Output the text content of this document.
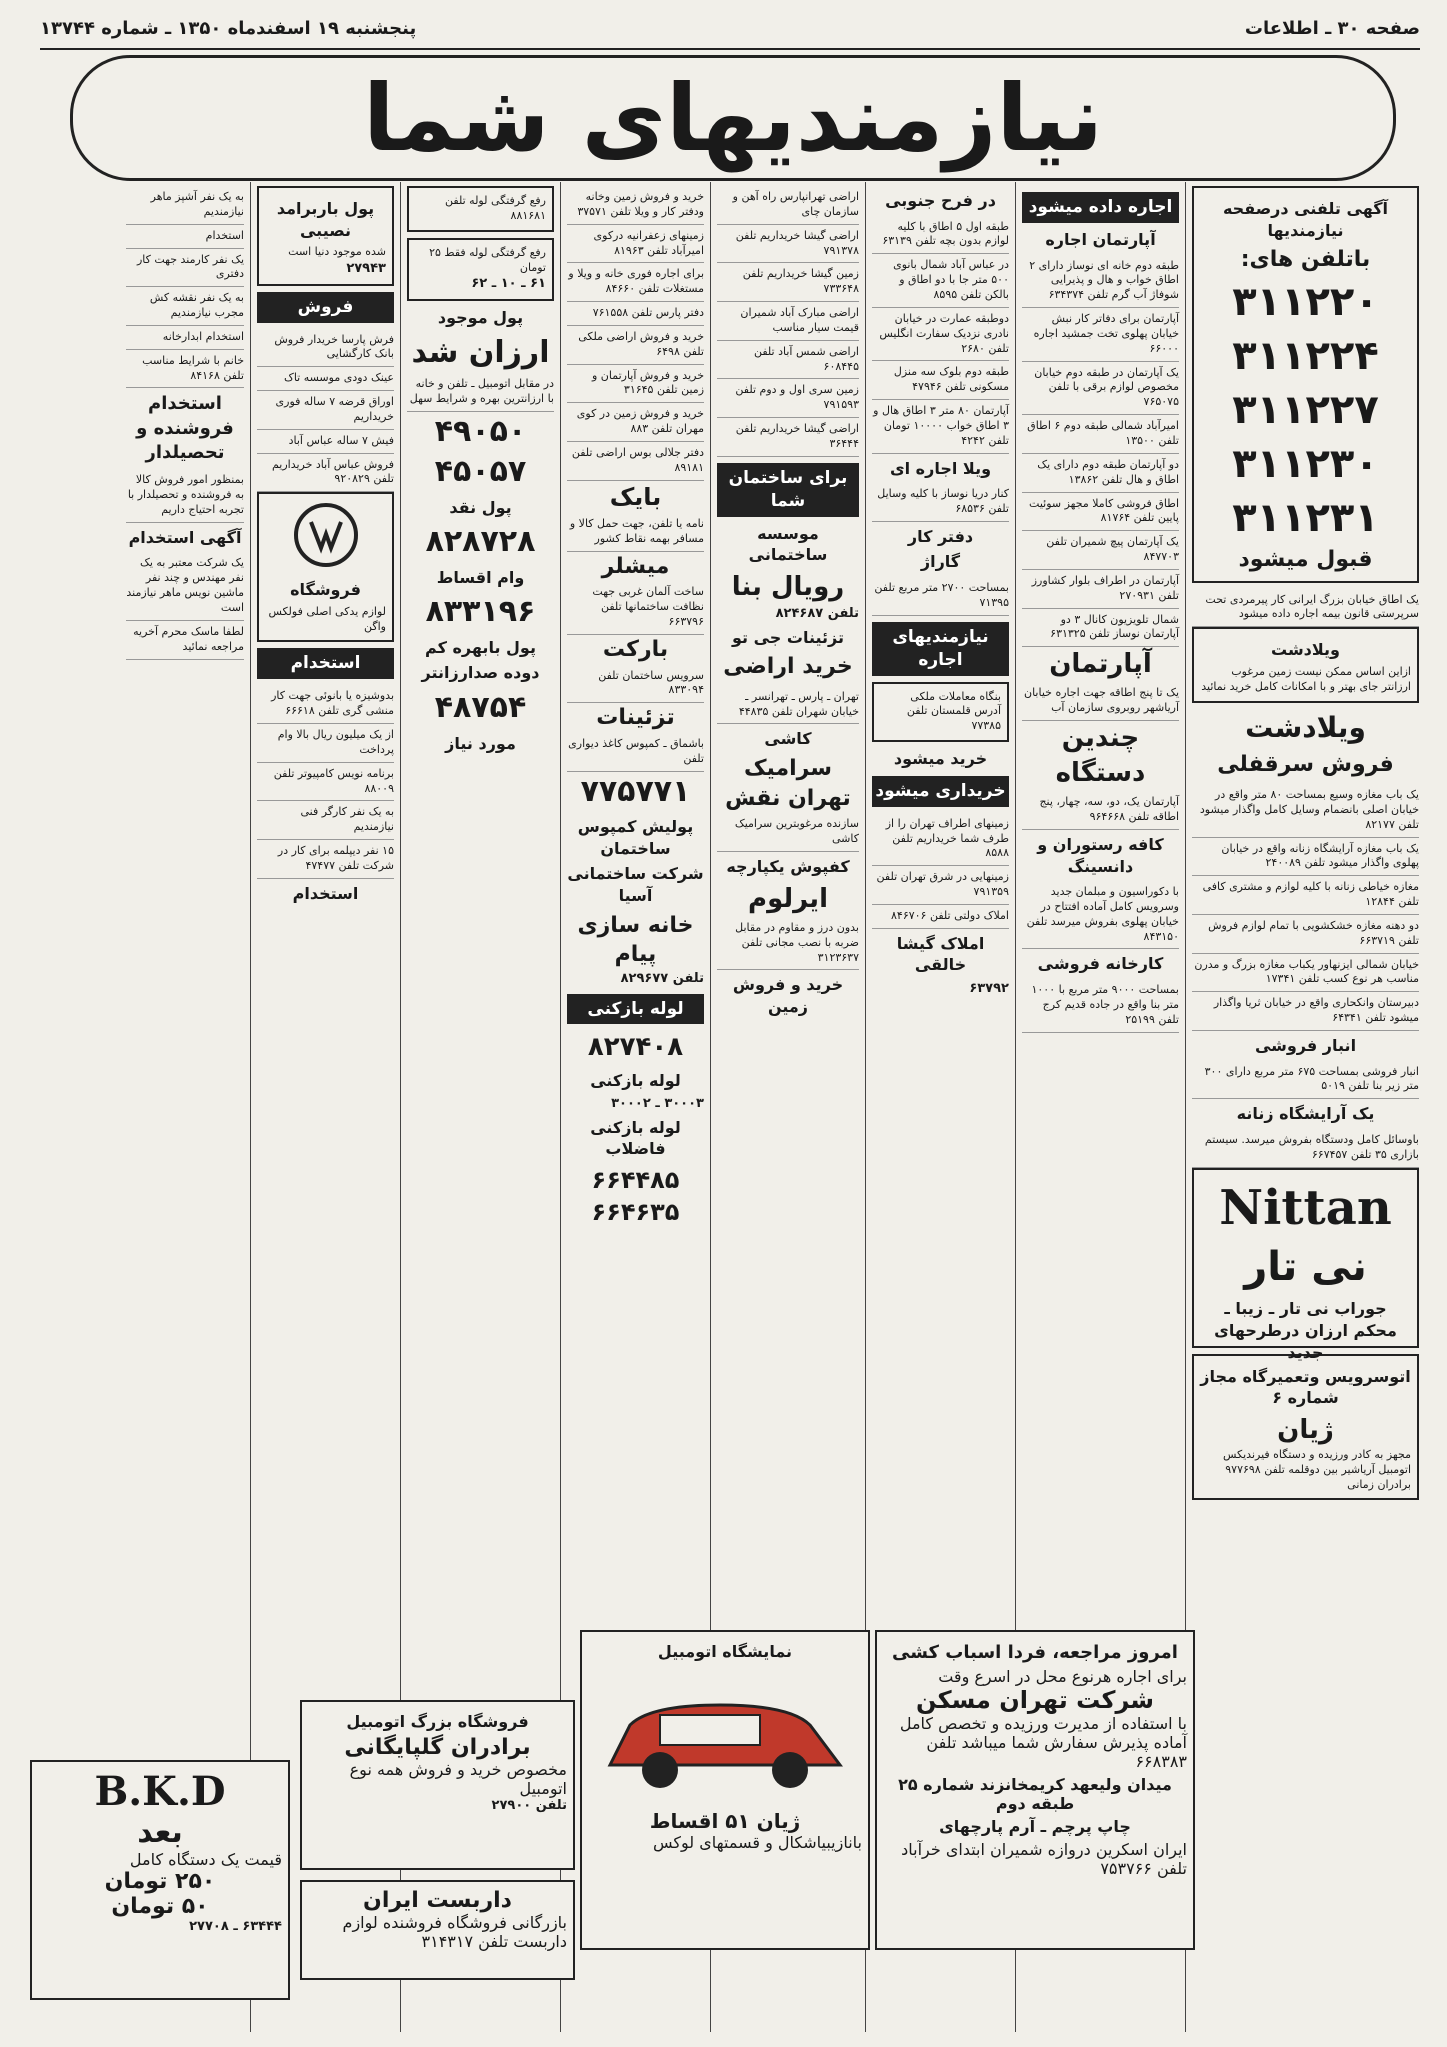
صفحه ۳۰ ـ اطلاعات
پنجشنبه ۱۹ اسفندماه ۱۳۵۰ ـ شماره ۱۳۷۴۴
نیازمندیهای شما
آگهی تلفنی درصفحه نیازمندیها
باتلفن های:
۳۱۱۲۲۰
۳۱۱۲۲۴
۳۱۱۲۲۷
۳۱۱۲۳۰
۳۱۱۲۳۱
قبول میشود
یک اطاق خیابان بزرگ ایرانی کار پیرمردی تحت سرپرستی قانون بیمه اجاره داده میشود
ویلادشت
ازاین اساس ممکن نیست زمین مرغوب ارزانتر جای بهتر و با امکانات کامل خرید نمائید
ویلادشت
فروش سرقفلی
یک باب مغازه وسیع بمساحت ۸۰ متر واقع در خیابان اصلی بانضمام وسایل کامل واگذار میشود تلفن ۸۲۱۷۷
یک باب مغازه آرایشگاه زنانه واقع در خیابان پهلوی واگذار میشود تلفن ۲۴۰۰۸۹
مغازه خیاطی زنانه با کلیه لوازم و مشتری کافی تلفن ۱۲۸۴۴
دو دهنه مغازه خشکشویی با تمام لوازم فروش تلفن ۶۶۳۷۱۹
خیابان شمالی ایزنهاور یکباب مغازه بزرگ و مدرن مناسب هر نوع کسب تلفن ۱۷۳۴۱
دبیرستان وانکحاری واقع در خیابان ثریا واگذار میشود تلفن ۶۴۳۴۱
انبار فروشی
انبار فروشی بمساحت ۶۷۵ متر مربع دارای ۳۰۰ متر زیر بنا تلفن ۵۰۱۹
یک آرایشگاه زنانه
باوسائل کامل ودستگاه بفروش میرسد. سیستم بازاری ۳۵ تلفن ۶۶۷۴۵۷
Nittan
نی تار
جوراب نی تار ـ زیبا ـ محکم ارزان درطرحهای جدید
اتوسرویس وتعمیرگاه مجاز شماره ۶
ژیان
مجهز به کادر ورزیده و دستگاه فیرندیکس اتومبیل آریاشیر بین دوقلمه تلفن ۹۷۷۶۹۸ برادران زمانی
اجاره داده میشود
آپارتمان اجاره
طبقه دوم خانه ای نوساز دارای ۲ اطاق خواب و هال و پذیرایی شوفاژ آب گرم تلفن ۶۳۴۳۷۴
آپارتمان برای دفاتر کار نبش خیابان پهلوی تخت جمشید اجاره ۶۶۰۰۰
یک آپارتمان در طبقه دوم خیابان مخصوص لوازم برقی با تلفن ۷۶۵۰۷۵
امیرآباد شمالی طبقه دوم ۶ اطاق تلفن ۱۳۵۰۰
دو آپارتمان طبقه دوم دارای یک اطاق و هال تلفن ۱۳۸۶۲
اطاق فروشی کاملا مجهز سوئیت پایین تلفن ۸۱۷۶۴
یک آپارتمان پیچ شمیران تلفن ۸۴۷۷۰۳
آپارتمان در اطراف بلوار کشاورز تلفن ۲۷۰۹۳۱
شمال تلویزیون کانال ۳ دو آپارتمان نوساز تلفن ۶۳۱۳۲۵
آپارتمان
یک تا پنج اطاقه جهت اجاره خیابان آریاشهر روبروی سازمان آب
چندین دستگاه
آپارتمان یک، دو، سه، چهار، پنج اطاقه تلفن ۹۶۴۶۶۸
کافه رستوران و دانسینگ
با دکوراسیون و مبلمان جدید وسرویس کامل آماده افتتاح در خیابان پهلوی بفروش میرسد تلفن ۸۴۳۱۵۰
کارخانه فروشی
بمساحت ۹۰۰۰ متر مربع با ۱۰۰۰ متر بنا واقع در جاده قدیم کرج تلفن ۲۵۱۹۹
در فرح جنوبی
طبقه اول ۵ اطاق با کلیه لوازم بدون بچه تلفن ۶۳۱۳۹
در عباس آباد شمال بانوی ۵۰۰ متر جا با دو اطاق و بالکن تلفن ۸۵۹۵
دوطبقه عمارت در خیابان نادری نزدیک سفارت انگلیس تلفن ۲۶۸۰
طبقه دوم بلوک سه منزل مسکونی تلفن ۴۷۹۴۶
آپارتمان ۸۰ متر ۳ اطاق هال و ۳ اطاق خواب ۱۰۰۰۰ تومان تلفن ۴۲۴۲
ویلا اجاره ای
کنار دریا نوساز با کلیه وسایل تلفن ۶۸۵۳۶
دفتر کار
گاراژ
بمساحت ۲۷۰۰ متر مربع تلفن ۷۱۳۹۵
نیازمندیهای اجاره
بنگاه معاملات ملکی
آدرس قلمستان تلفن ۷۷۳۸۵
خرید میشود
خریداری میشود
زمینهای اطراف تهران را از طرف شما خریداریم تلفن ۸۵۸۸
زمینهایی در شرق تهران تلفن ۷۹۱۳۵۹
املاک دولتی تلفن ۸۴۶۷۰۶
املاک گیشا خالقی
۶۳۷۹۲
اراضی تهرانپارس راه آهن و سازمان چای
اراضی گیشا خریداریم تلفن ۷۹۱۳۷۸
زمین گیشا خریداریم تلفن ۷۳۳۶۴۸
اراضی مبارک آباد شمیران قیمت سیار مناسب
اراضی شمس آباد تلفن ۶۰۸۴۴۵
زمین سری اول و دوم تلفن ۷۹۱۵۹۳
اراضی گیشا خریداریم تلفن ۳۶۴۴۴
برای ساختمان شما
موسسه ساختمانی
رویال بنا
تلفن ۸۲۴۶۸۷
تزئینات جی تو
خرید اراضی
تهران ـ پارس ـ تهرانسر ـ خیابان شهران تلفن ۴۴۸۳۵
کاشی
سرامیک تهران نقش
سازنده مرغوبترین سرامیک کاشی
کفپوش یکپارچه
ایرلوم
بدون درز و مقاوم در مقابل ضربه با نصب مجانی تلفن ۳۱۲۳۶۳۷
خرید و فروش زمین
خرید و فروش زمین وخانه ودفتر کار و ویلا تلفن ۳۷۵۷۱
زمینهای زعفرانیه درکوی امیرآباد تلفن ۸۱۹۶۳
برای اجاره فوری خانه و ویلا و مستغلات تلفن ۸۴۶۶۰
دفتر پارس تلفن ۷۶۱۵۵۸
خرید و فروش اراضی ملکی تلفن ۶۴۹۸
خرید و فروش آپارتمان و زمین تلفن ۳۱۶۴۵
خرید و فروش زمین در کوی مهران تلفن ۸۸۳
دفتر جلالی بوس اراضی تلفن ۸۹۱۸۱
بایک
نامه یا تلفن، جهت حمل کالا و مسافر بهمه نقاط کشور
میشلر
ساخت آلمان غربی جهت نظافت ساختمانها تلفن ۶۶۳۷۹۶
بارکت
سرویس ساختمان تلفن ۸۳۳۰۹۴
تزئینات
باشماق ـ کمپوس کاغذ دیواری تلفن
۷۷۵۷۷۱
پولیش کمپوس ساختمان
شرکت ساختمانی آسیا
خانه سازی پیام
تلفن ۸۲۹۶۷۷
لوله بازکنی
۸۲۷۴۰۸
لوله بازکنی
۳۰۰۰۳ ـ ۳۰۰۰۲
لوله بازکنی فاضلاب
۶۶۴۴۸۵
۶۶۴۶۳۵
رفع گرفتگی لوله تلفن ۸۸۱۶۸۱
رفع گرفتگی لوله فقط ۲۵ تومان
۶۱ ـ ۱۰ ـ ۶۲
پول موجود
ارزان شد
در مقابل اتومبیل ـ تلفن و خانه با ارزانترین بهره و شرایط سهل
۴۹۰۵۰
۴۵۰۵۷
پول نقد
۸۲۸۷۲۸
وام اقساط
۸۳۳۱۹۶
پول بابهره کم
دوده صدارزانتر
۴۸۷۵۴
مورد نیاز
پول باربرامد نصیبی
شده موجود دنیا است
۲۷۹۴۳
فروش
فرش پارسا خریدار فروش بانک کارگشایی
عینک دودی موسسه تاک
اوراق قرضه ۷ ساله فوری خریداریم
فیش ۷ ساله عباس آباد
فروش عباس آباد خریداریم تلفن ۹۲۰۸۲۹
فروشگاه
لوازم یدکی اصلی فولکس واگن
استخدام
بدوشیزه یا بانوئی جهت کار منشی گری تلفن ۶۶۶۱۸
از یک میلیون ریال بالا وام پرداخت
برنامه نویس کامپیوتر تلفن ۸۸۰۰۹
به یک نفر کارگر فنی نیازمندیم
۱۵ نفر دیپلمه برای کار در شرکت تلفن ۴۷۴۷۷
استخدام
به یک نفر آشپز ماهر نیازمندیم
استخدام
یک نفر کارمند جهت کار دفتری
به یک نفر نقشه کش مجرب نیازمندیم
استخدام ابدارخانه
خانم با شرایط مناسب تلفن ۸۴۱۶۸
استخدام فروشنده و تحصیلدار
بمنظور امور فروش کالا به فروشنده و تحصیلدار با تجربه احتیاج داریم
آگهی استخدام
یک شرکت معتبر به یک نفر مهندس و چند نفر ماشین نویس ماهر نیازمند است
لطفا ماسک محرم آخریه مراجعه نمائید
امروز مراجعه، فردا اسباب کشی
برای اجاره هرنوع محل در اسرع وقت
شرکت تهران مسکن
با استفاده از مدیرت ورزیده و تخصص کامل آماده پذیرش سفارش شما میباشد تلفن ۶۶۸۳۸۳
میدان ولیعهد کریمخانزند شماره ۲۵ طبقه دوم
چاپ پرچم ـ آرم پارچهای
ایران اسکرین دروازه شمیران ابتدای خرآباد تلفن ۷۵۳۷۶۶
نمایشگاه اتومبیل
ژیان ۵۱ اقساط
بانازیبیاشکال و قسمتهای لوکس
فروشگاه بزرگ اتومبیل
برادران گلپایگانی
مخصوص خرید و فروش همه نوع اتومبیل
تلفن ۲۷۹۰۰
داربست ایران
بازرگانی فروشگاه فروشنده لوازم داربست تلفن ۳۱۴۳۱۷
B.K.D
بعد
قیمت یک دستگاه کامل
۲۵۰ تومان
۵۰ تومان
۶۳۴۴۴ ـ ۲۷۷۰۸
